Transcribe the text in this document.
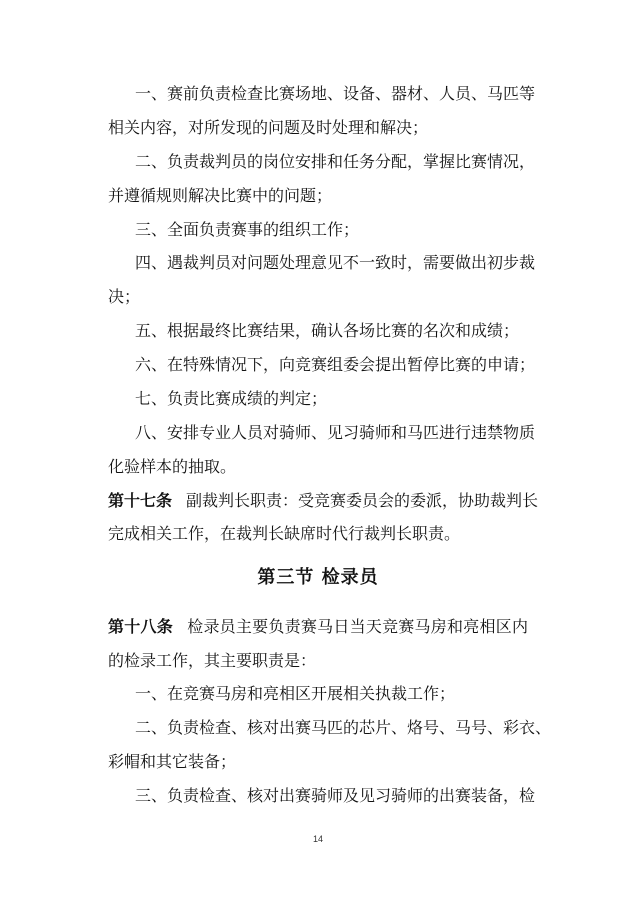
一、赛前负责检查比赛场地、设备、器材、人员、马匹等
相关内容，对所发现的问题及时处理和解决；
二、负责裁判员的岗位安排和任务分配，掌握比赛情况，
并遵循规则解决比赛中的问题；
三、全面负责赛事的组织工作；
四、遇裁判员对问题处理意见不一致时，需要做出初步裁
决；
五、根据最终比赛结果，确认各场比赛的名次和成绩；
六、在特殊情况下，向竞赛组委会提出暂停比赛的申请；
七、负责比赛成绩的判定；
八、安排专业人员对骑师、见习骑师和马匹进行违禁物质
化验样本的抽取。
第十七条 副裁判长职责：受竞赛委员会的委派，协助裁判长
完成相关工作，在裁判长缺席时代行裁判长职责。
第三节 检录员
第十八条 检录员主要负责赛马日当天竞赛马房和亮相区内
的检录工作，其主要职责是：
一、在竞赛马房和亮相区开展相关执裁工作；
二、负责检查、核对出赛马匹的芯片、烙号、马号、彩衣、
彩帽和其它装备；
三、负责检查、核对出赛骑师及见习骑师的出赛装备，检
14
